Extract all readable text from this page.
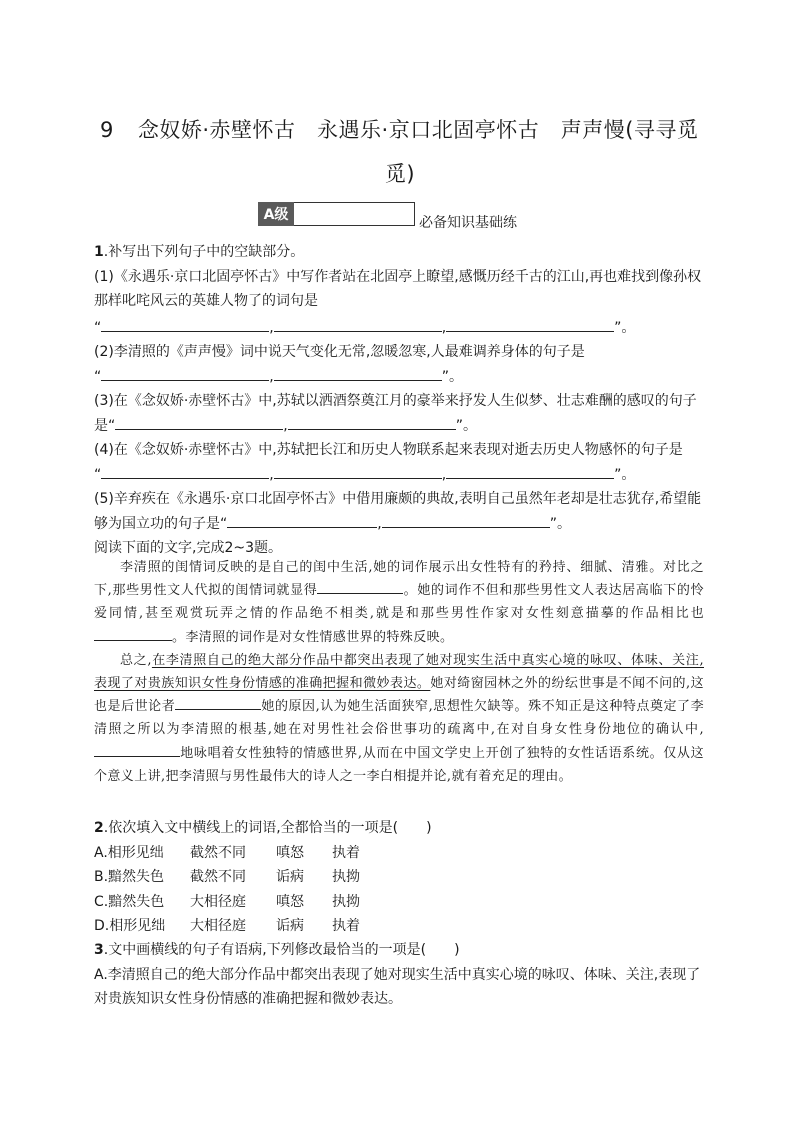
9 念奴娇·赤壁怀古　永遇乐·京口北固亭怀古　声声慢(寻寻觅
觅)
A级	必备知识基础练
1.补写出下列句子中的空缺部分。
(1)《永遇乐·京口北固亭怀古》中写作者站在北固亭上瞭望,感慨历经千古的江山,再也难找到像孙权那样叱咤风云的英雄人物了的词句是
“	,	,	”。
(2)李清照的《声声慢》词中说天气变化无常,忽暖忽寒,人最难调养身体的句子是
“	,	”。
(3)在《念奴娇·赤壁怀古》中,苏轼以洒酒祭奠江月的豪举来抒发人生似梦、壮志难酬的感叹的句子是“	,	”。
(4)在《念奴娇·赤壁怀古》中,苏轼把长江和历史人物联系起来表现对逝去历史人物感怀的句子是
“	,	,	”。
(5)辛弃疾在《永遇乐·京口北固亭怀古》中借用廉颇的典故,表明自己虽然年老却是壮志犹存,希望能够为国立功的句子是“	,	”。
阅读下面的文字,完成2~3题。

李清照的闺情词反映的是自己的闺中生活,她的词作展示出女性特有的矜持、细腻、清雅。对比之下,那些男性文人代拟的闺情词就显得	。她的词作不但和那些男性文人表达居高临下的怜爱同情,甚至观赏玩弄之情的作品绝不相类,就是和那些男性作家对女性刻意描摹的作品相比也。李清照的词作是对女性情感世界的特殊反映。

总之,在李清照自己的绝大部分作品中都突出表现了她对现实生活中真实心境的咏叹、体味、关注,表现了对贵族知识女性身份情感的准确把握和微妙表达。她对绮窗园林之外的纷纭世事是不闻不问的,这也是后世论者	她的原因,认为她生活面狭窄,思想性欠缺等。殊不知正是这种特点奠定了李清照之所以为李清照的根基,她在对男性社会俗世事功的疏离中,在对自身女性身份地位的确认中,地咏唱着女性独特的情感世界,从而在中国文学史上开创了独特的女性话语系统。仅从这个意义上讲,把李清照与男性最伟大的诗人之一李白相提并论,就有着充足的理由。

2.依次填入文中横线上的词语,全都恰当的一项是(　　)
A.相形见绌	截然不同	嗔怒	执着
B.黯然失色	截然不同	诟病	执拗
C.黯然失色	大相径庭	嗔怒	执拗
D.相形见绌	大相径庭	诟病	执着
3.文中画横线的句子有语病,下列修改最恰当的一项是(　　)
A.李清照自己的绝大部分作品中都突出表现了她对现实生活中真实心境的咏叹、体味、关注,表现了对贵族知识女性身份情感的准确把握和微妙表达。
